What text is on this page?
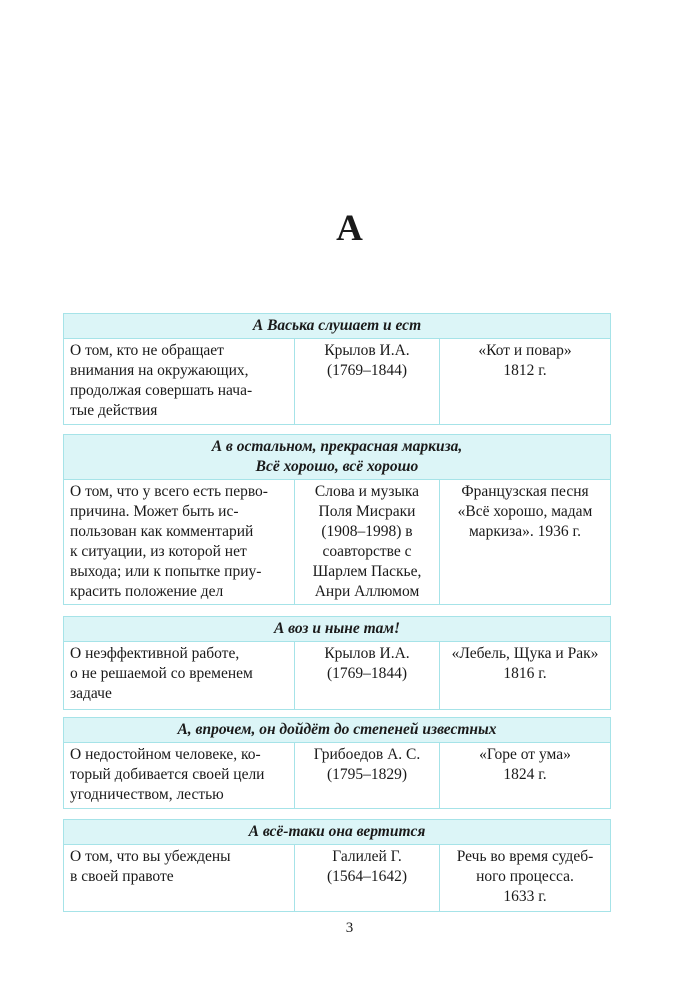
А
А Васька слушает и ест
О том, кто не обращает
внимания на окружающих,
продолжая совершать нача-
тые действия
Крылов И.А.
(1769–1844)
«Кот и повар»
1812 г.
А в остальном, прекрасная маркиза,
Всё хорошо, всё хорошо
О том, что у всего есть перво-
причина. Может быть ис-
пользован как комментарий
к ситуации, из которой нет
выхода; или к попытке приу-
красить положение дел
Слова и музыка
Поля Мисраки
(1908–1998) в
соавторстве с
Шарлем Паскье,
Анри Аллюмом
Французская песня
«Всё хорошо, мадам
маркиза». 1936 г.
А воз и ныне там!
О неэффективной работе,
о не решаемой со временем
задаче
Крылов И.А.
(1769–1844)
«Лебель, Щука и Рак»
1816 г.
А, впрочем, он дойдёт до степеней известных
О недостойном человеке, ко-
торый добивается своей цели
угодничеством, лестью
Грибоедов А. С.
(1795–1829)
«Горе от ума»
1824 г.
А всё-таки она вертится
О том, что вы убеждены
в своей правоте
Галилей Г.
(1564–1642)
Речь во время судеб-
ного процесса.
1633 г.
3
